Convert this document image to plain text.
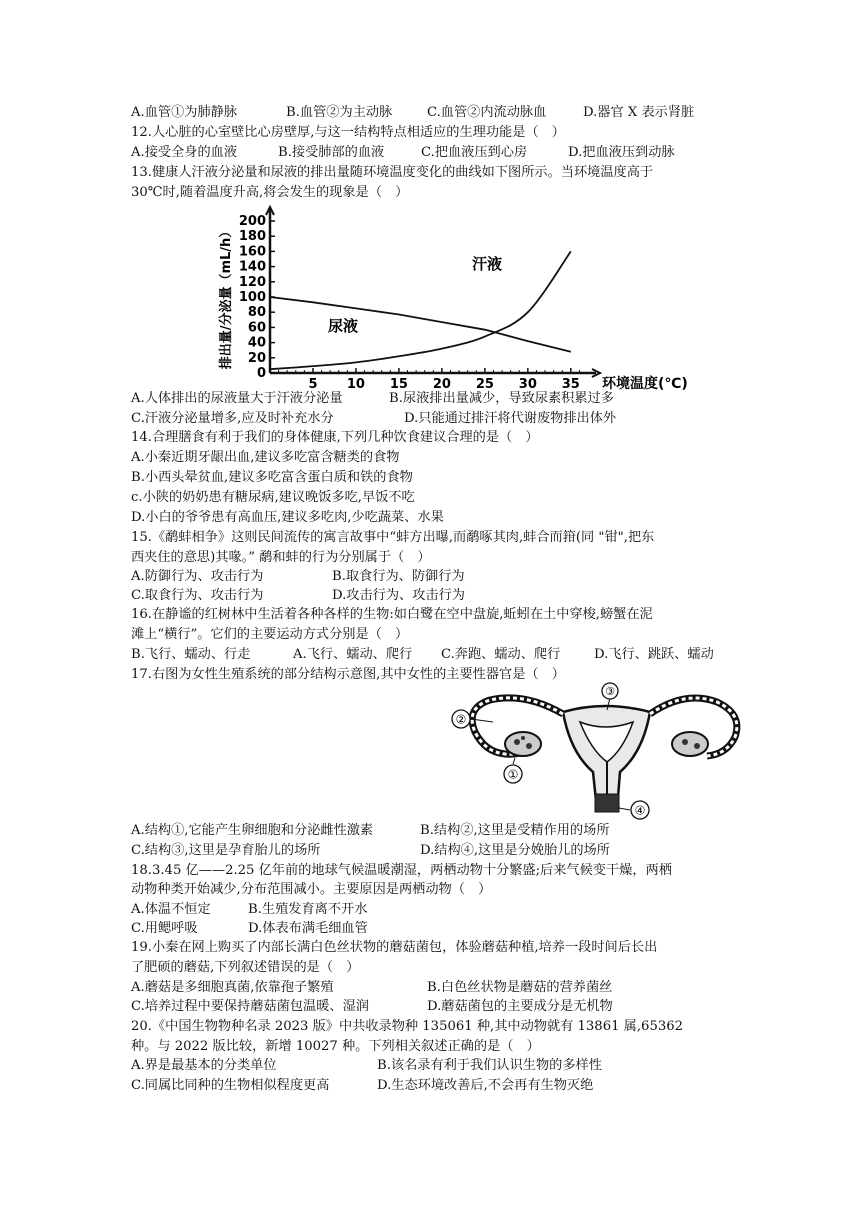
A.血管①为肺静脉	B.血管②为主动脉	C.血管②内流动脉血	D.器官 X 表示肾脏
12.人心脏的心室壁比心房壁厚,与这一结构特点相适应的生理功能是（　）
A.接受全身的血液	B.接受肺部的血液	C.把血液压到心房	D.把血液压到动脉
13.健康人汗液分泌量和尿液的排出量随环境温度变化的曲线如下图所示。当环境温度高于
30℃时,随着温度升高,将会发生的现象是（　）
0
20
40
60
80
100
120
140
160
180
200
5 10 15 20 25 30 35
排出量/分泌量（mL/h）
环境温度(℃)
汗液
尿液
A.人体排出的尿液量大于汗液分泌量	B.尿液排出量减少，导致尿素积累过多
C.汗液分泌量增多,应及时补充水分	D.只能通过排汗将代谢废物排出体外
14.合理膳食有利于我们的身体健康,下列几种饮食建议合理的是（　）
A.小秦近期牙龈出血,建议多吃富含糖类的食物
B.小西头晕贫血,建议多吃富含蛋白质和铁的食物
c.小陕的奶奶患有糖尿病,建议晚饭多吃,早饭不吃
D.小白的爷爷患有高血压,建议多吃肉,少吃蔬菜、水果
15.《鹬蚌相争》这则民间流传的寓言故事中“蚌方出曝,而鹬啄其肉,蚌合而箝(同 "钳",把东
西夹住的意思)其喙。” 鹬和蚌的行为分别属于（　）
A.防御行为、攻击行为	B.取食行为、防御行为
C.取食行为、攻击行为	D.攻击行为、攻击行为
16.在静谧的红树林中生活着各种各样的生物:如白鹭在空中盘旋,蚯蚓在土中穿梭,螃蟹在泥
滩上“横行”。它们的主要运动方式分别是（　）
B.飞行、蠕动、行走	A.飞行、蠕动、爬行 C.奔跑、蠕动、爬行	D.飞行、跳跃、蠕动
17.右图为女性生殖系统的部分结构示意图,其中女性的主要性器官是（　）
②
①
③
④
A.结构①,它能产生卵细胞和分泌雌性激素	B.结构②,这里是受精作用的场所
C.结构③,这里是孕育胎儿的场所	D.结构④,这里是分娩胎儿的场所
18.3.45 亿——2.25 亿年前的地球气候温暖潮湿，两栖动物十分繁盛;后来气候变干燥，两栖
动物种类开始减少,分布范围减小。主要原因是两栖动物（　）
A.体温不恒定	B.生殖发育离不开水
C.用鳃呼吸	D.体表布满毛细血管
19.小秦在网上购买了内部长满白色丝状物的蘑菇菌包，体验蘑菇种植,培养一段时间后长出
了肥硕的蘑菇,下列叙述错误的是（　）
A.蘑菇是多细胞真菌,依靠孢子繁殖	B.白色丝状物是蘑菇的营养菌丝
C.培养过程中要保持蘑菇菌包温暖、湿润	D.蘑菇菌包的主要成分是无机物
20.《中国生物物种名录 2023 版》中共收录物种 135061 种,其中动物就有 13861 属,65362
种。与 2022 版比较，新增 10027 种。下列相关叙述正确的是（　）
A.界是最基本的分类单位	B.该名录有利于我们认识生物的多样性
C.同属比同种的生物相似程度更高	D.生态环境改善后,不会再有生物灭绝
